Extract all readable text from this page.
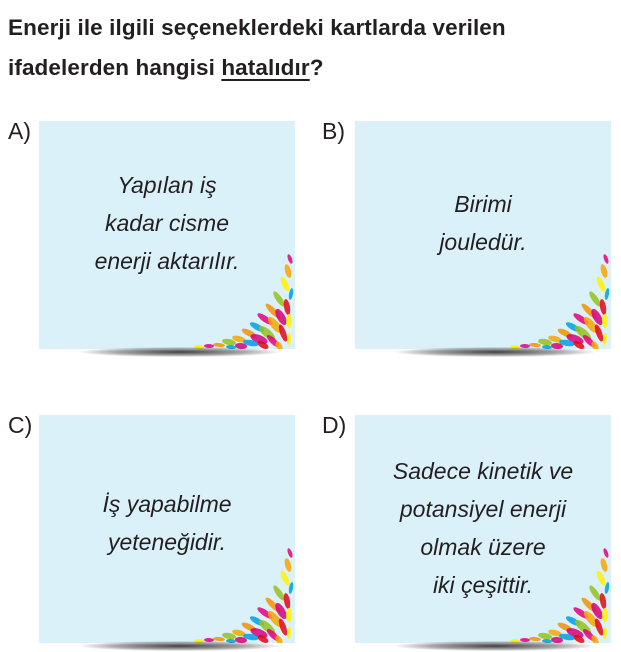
Enerji ile ilgili seçeneklerdeki kartlarda verilen
ifadelerden hangisi hatalıdır?
A)
Yapılan iş
kadar cisme
enerji aktarılır.
B)
Birimi
jouledür.
C)
İş yapabilme
yeteneğidir.
D)
Sadece kinetik ve
potansiyel enerji
olmak üzere
iki çeşittir.
